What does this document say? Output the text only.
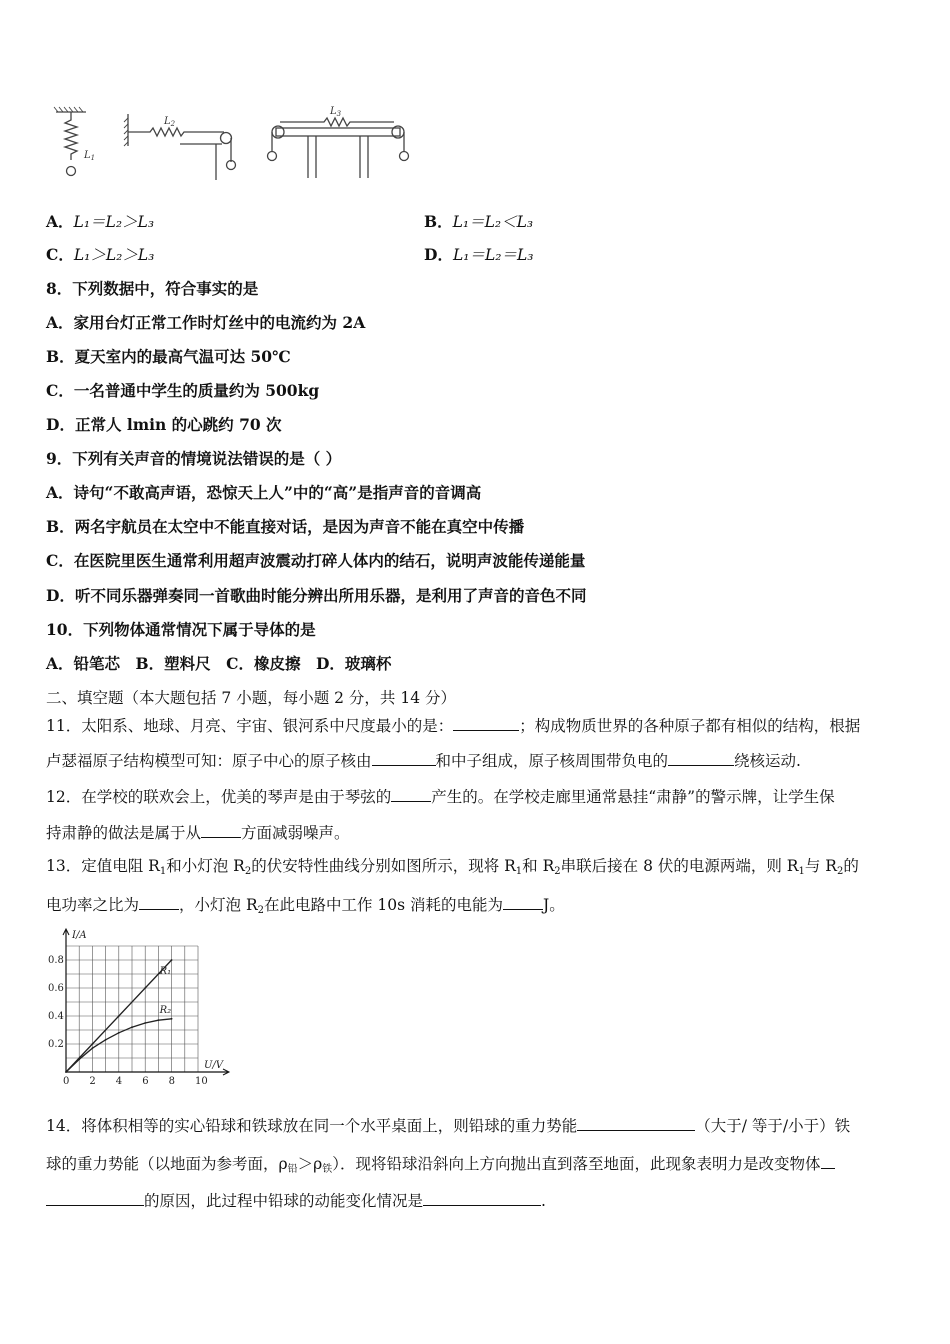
$L_1$
$L_2$
$L_3$
A．L₁＝L₂＞L₃	B．L₁＝L₂＜L₃
C．L₁＞L₂＞L₃	D．L₁＝L₂＝L₃
8．下列数据中，符合事实的是
A．家用台灯正常工作时灯丝中的电流约为 2A
B．夏天室内的最高气温可达 50℃
C．一名普通中学生的质量约为 500kg
D．正常人 lmin 的心跳约 70 次
9．下列有关声音的情境说法错误的是（ ）
A．诗句“不敢高声语，恐惊天上人”中的“高”是指声音的音调高
B．两名宇航员在太空中不能直接对话，是因为声音不能在真空中传播
C．在医院里医生通常利用超声波震动打碎人体内的结石，说明声波能传递能量
D．听不同乐器弹奏同一首歌曲时能分辨出所用乐器，是利用了声音的音色不同
10．下列物体通常情况下属于导体的是
A．铅笔芯　B．塑料尺　C．橡皮擦　D．玻璃杯
二、填空题（本大题包括 7 小题，每小题 2 分，共 14 分）
11．太阳系、地球、月亮、宇宙、银河系中尺度最小的是：	；构成物质世界的各种原子都有相似的结构，根据
卢瑟福原子结构模型可知：原子中心的原子核由	和中子组成，原子核周围带负电的	绕核运动.
12．在学校的联欢会上，优美的琴声是由于琴弦的	产生的。在学校走廊里通常悬挂“肃静”的警示牌，让学生保
持肃静的做法是属于从	方面减弱噪声。
13．定值电阻 $R_1$和小灯泡 $R_2$的伏安特性曲线分别如图所示，现将 $R_1$和 $R_2$串联后接在 8 伏的电源两端，则 $R_1$与 $R_2$的
电功率之比为	，小灯泡 $R_2$在此电路中工作 10s 消耗的电能为	J。
0 2 4 6 8 10
0.2
0.4
0.6
0.8
I/A
U/V
R₁
R₂
14．将体积相等的实心铅球和铁球放在同一个水平桌面上，则铅球的重力势能	（大于/ 等于/小于）铁
球的重力势能（以地面为参考面，$\rho_铅>\rho_铁$）．现将铅球沿斜向上方向抛出直到落至地面，此现象表明力是改变物体
的原因，此过程中铅球的动能变化情况是	.
